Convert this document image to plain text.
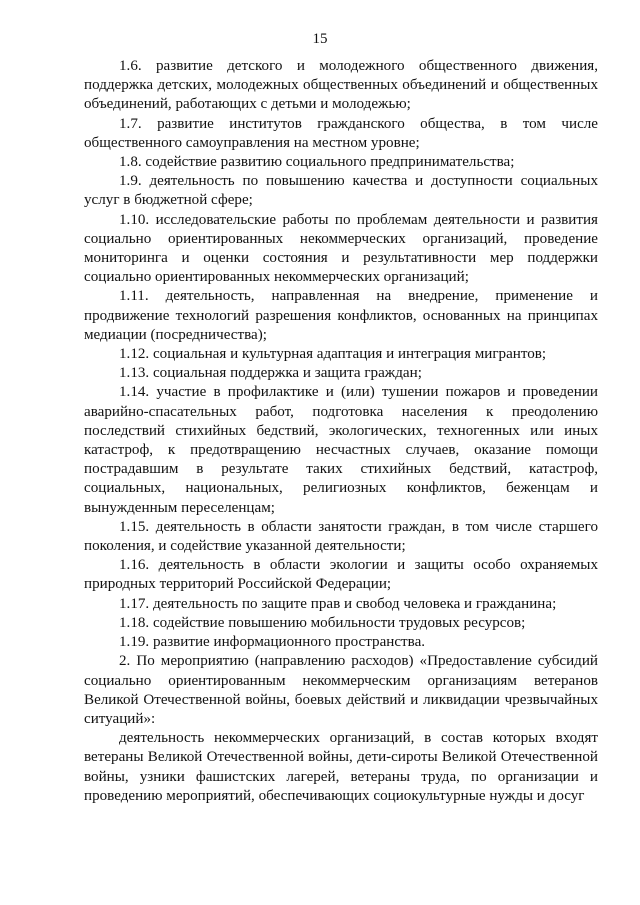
15

1.6. развитие детского и молодежного общественного движения, поддержка детских, молодежных общественных объединений и общественных объединений, работающих с детьми и молодежью;

1.7. развитие институтов гражданского общества, в том числе общественного самоуправления на местном уровне;

1.8. содействие развитию социального предпринимательства;

1.9. деятельность по повышению качества и доступности социальных услуг в бюджетной сфере;

1.10. исследовательские работы по проблемам деятельности и развития социально ориентированных некоммерческих организаций, проведение мониторинга и оценки состояния и результативности мер поддержки социально ориентированных некоммерческих организаций;

1.11. деятельность, направленная на внедрение, применение и продвижение технологий разрешения конфликтов, основанных на принципах медиации (посредничества);

1.12. социальная и культурная адаптация и интеграция мигрантов;

1.13. социальная поддержка и защита граждан;

1.14. участие в профилактике и (или) тушении пожаров и проведении аварийно-спасательных работ, подготовка населения к преодолению последствий стихийных бедствий, экологических, техногенных или иных катастроф, к предотвращению несчастных случаев, оказание помощи пострадавшим в результате таких стихийных бедствий, катастроф, социальных, национальных, религиозных конфликтов, беженцам и вынужденным переселенцам;

1.15. деятельность в области занятости граждан, в том числе старшего поколения, и содействие указанной деятельности;

1.16. деятельность в области экологии и защиты особо охраняемых природных территорий Российской Федерации;

1.17. деятельность по защите прав и свобод человека и гражданина;

1.18. содействие повышению мобильности трудовых ресурсов;

1.19. развитие информационного пространства.

2. По мероприятию (направлению расходов) «Предоставление субсидий социально ориентированным некоммерческим организациям ветеранов Великой Отечественной войны, боевых действий и ликвидации чрезвычайных ситуаций»:

деятельность некоммерческих организаций, в состав которых входят ветераны Великой Отечественной войны, дети-сироты Великой Отечественной войны, узники фашистских лагерей, ветераны труда, по организации и проведению мероприятий, обеспечивающих социокультурные нужды и досуг
